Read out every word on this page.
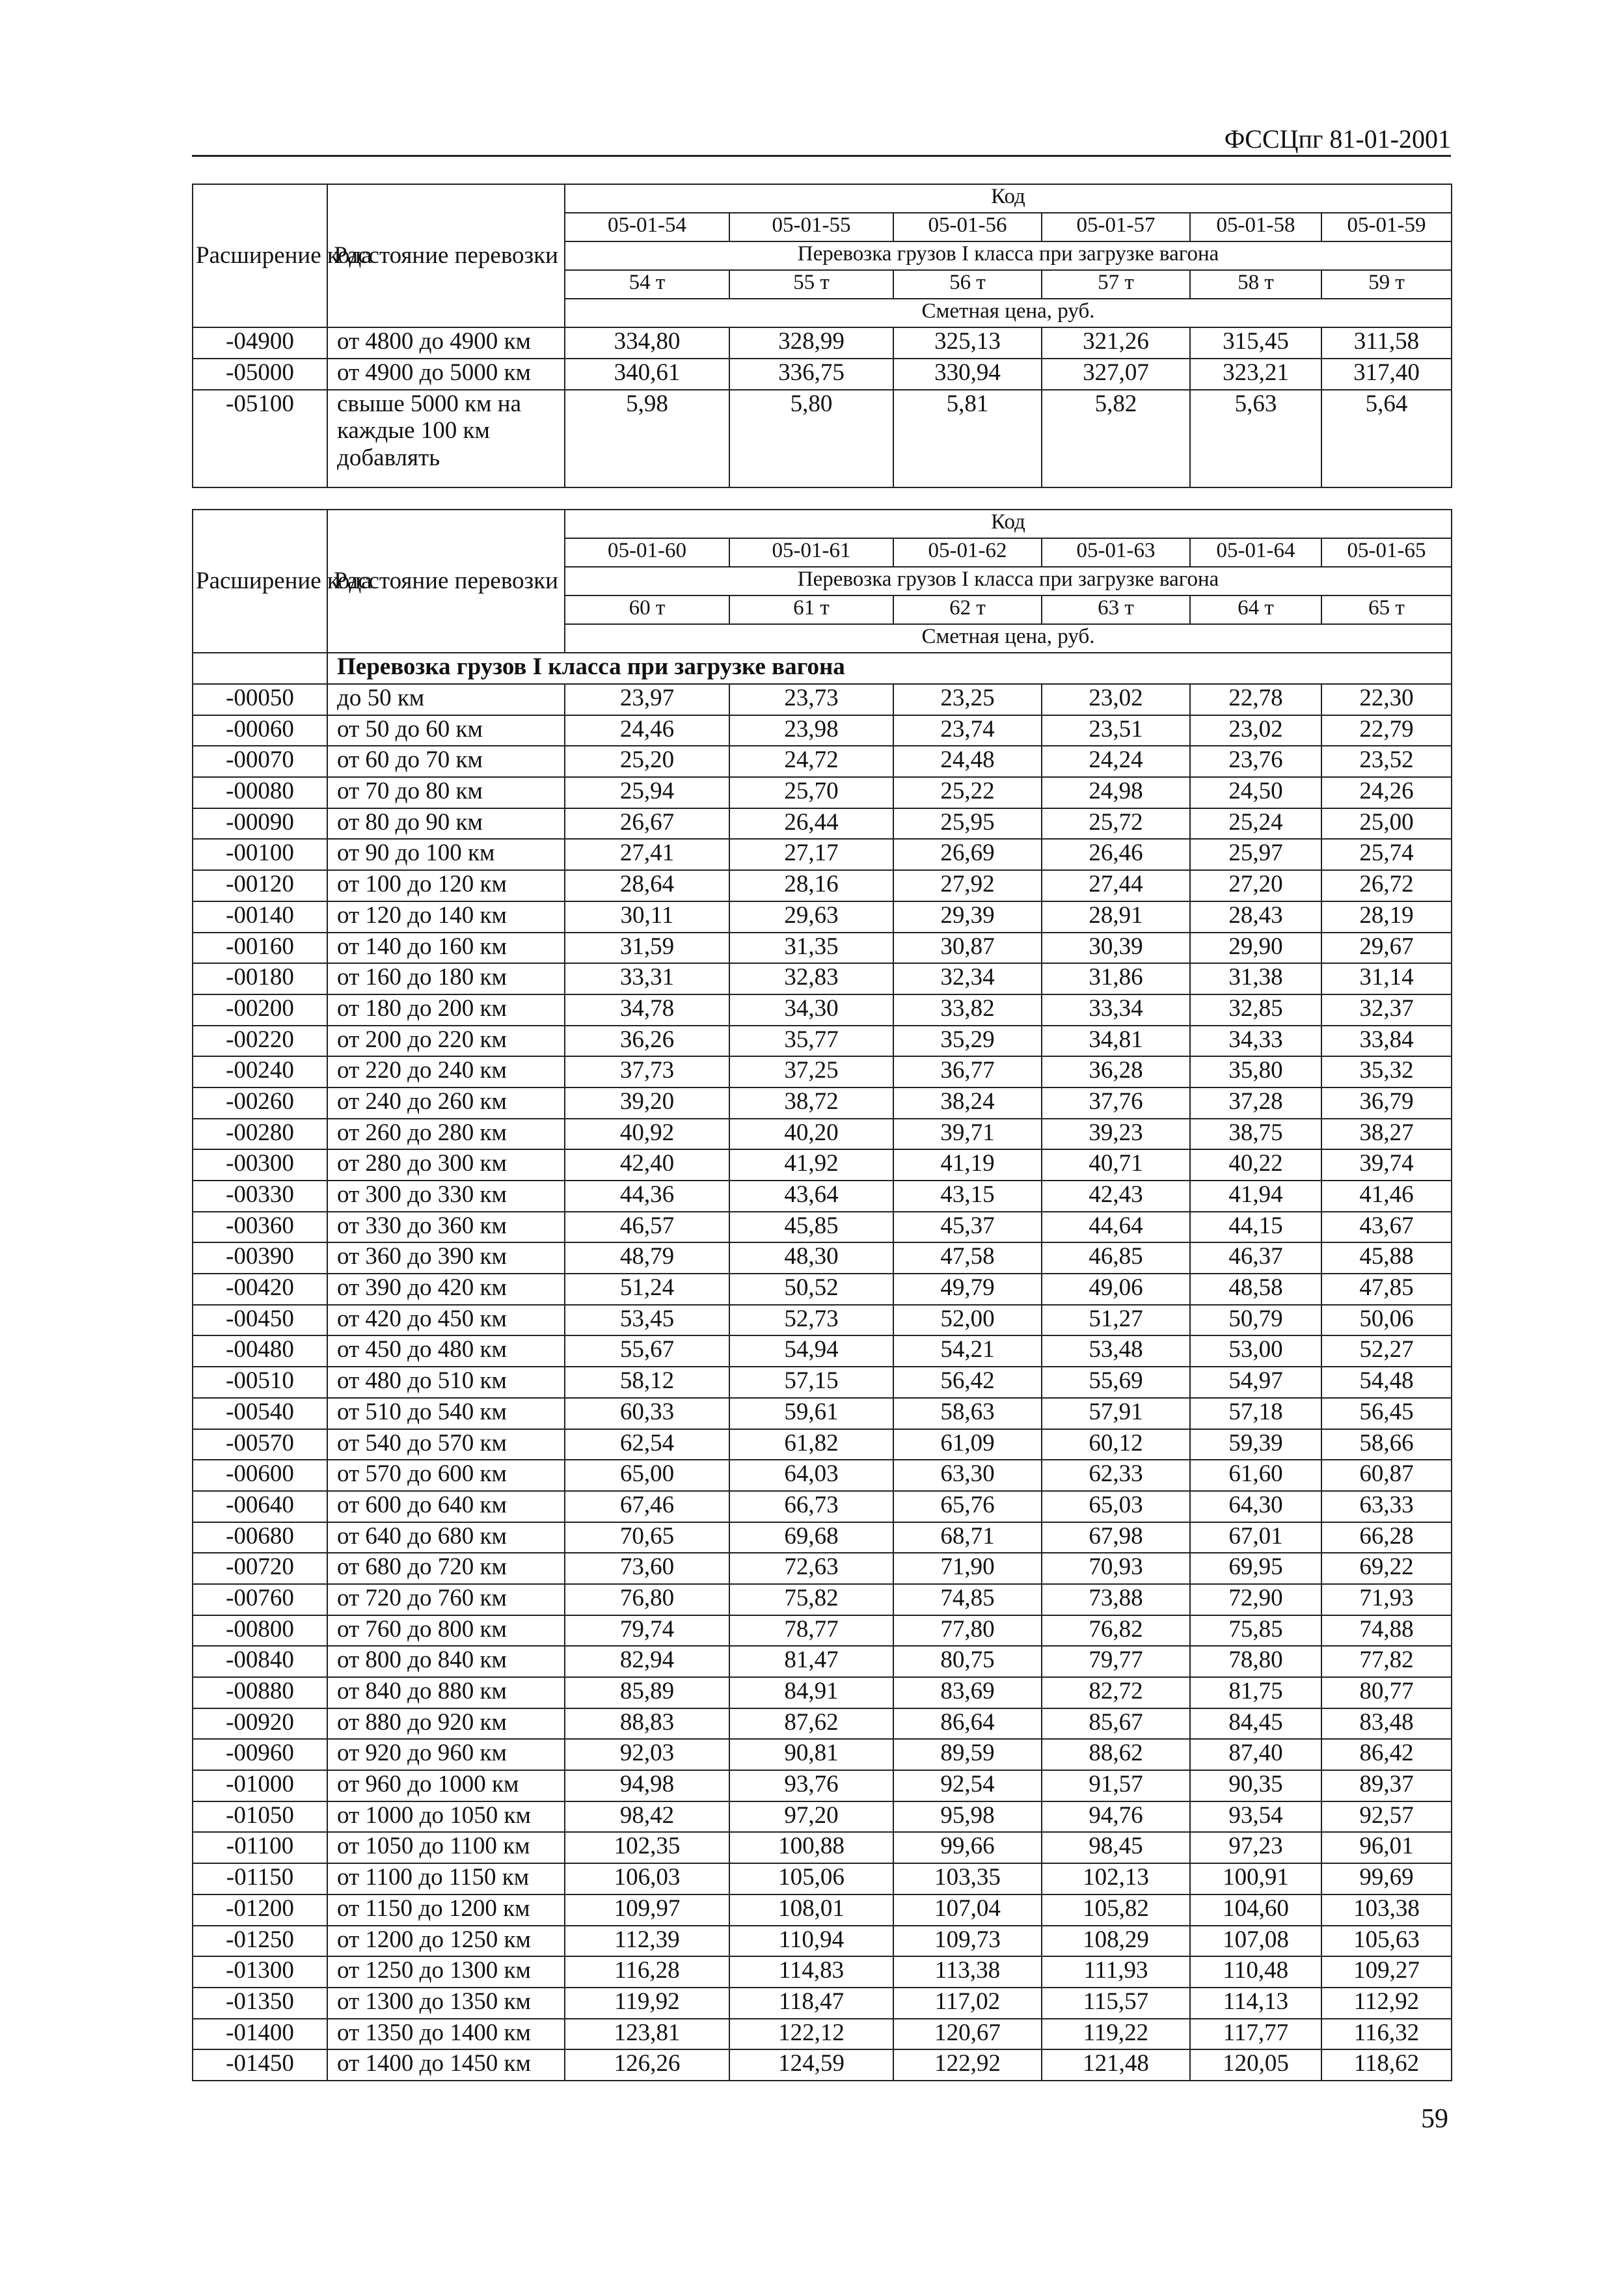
ФССЦпг 81-01-2001
Расширение кода	Расстояние перевозки	Код					
		05-01-54	05-01-55	05-01-56	05-01-57	05-01-58	05-01-59
		Перевозка грузов I класса при загрузке вагона					
		54 т	55 т	56 т	57 т	58 т	59 т
		Сметная цена, руб.					
-04900	от 4800 до 4900 км	334,80	328,99	325,13	321,26	315,45	311,58
-05000	от 4900 до 5000 км	340,61	336,75	330,94	327,07	323,21	317,40
-05100	свыше 5000 км на каждые 100 км добавлять	5,98	5,80	5,81	5,82	5,63	5,64
Расширение кода	Расстояние перевозки	Код					
		05-01-60	05-01-61	05-01-62	05-01-63	05-01-64	05-01-65
		Перевозка грузов I класса при загрузке вагона					
		60 т	61 т	62 т	63 т	64 т	65 т
		Сметная цена, руб.					
	Перевозка грузов I класса при загрузке вагона						
-00050	до 50 км	23,97	23,73	23,25	23,02	22,78	22,30
-00060	от 50 до 60 км	24,46	23,98	23,74	23,51	23,02	22,79
-00070	от 60 до 70 км	25,20	24,72	24,48	24,24	23,76	23,52
-00080	от 70 до 80 км	25,94	25,70	25,22	24,98	24,50	24,26
-00090	от 80 до 90 км	26,67	26,44	25,95	25,72	25,24	25,00
-00100	от 90 до 100 км	27,41	27,17	26,69	26,46	25,97	25,74
-00120	от 100 до 120 км	28,64	28,16	27,92	27,44	27,20	26,72
-00140	от 120 до 140 км	30,11	29,63	29,39	28,91	28,43	28,19
-00160	от 140 до 160 км	31,59	31,35	30,87	30,39	29,90	29,67
-00180	от 160 до 180 км	33,31	32,83	32,34	31,86	31,38	31,14
-00200	от 180 до 200 км	34,78	34,30	33,82	33,34	32,85	32,37
-00220	от 200 до 220 км	36,26	35,77	35,29	34,81	34,33	33,84
-00240	от 220 до 240 км	37,73	37,25	36,77	36,28	35,80	35,32
-00260	от 240 до 260 км	39,20	38,72	38,24	37,76	37,28	36,79
-00280	от 260 до 280 км	40,92	40,20	39,71	39,23	38,75	38,27
-00300	от 280 до 300 км	42,40	41,92	41,19	40,71	40,22	39,74
-00330	от 300 до 330 км	44,36	43,64	43,15	42,43	41,94	41,46
-00360	от 330 до 360 км	46,57	45,85	45,37	44,64	44,15	43,67
-00390	от 360 до 390 км	48,79	48,30	47,58	46,85	46,37	45,88
-00420	от 390 до 420 км	51,24	50,52	49,79	49,06	48,58	47,85
-00450	от 420 до 450 км	53,45	52,73	52,00	51,27	50,79	50,06
-00480	от 450 до 480 км	55,67	54,94	54,21	53,48	53,00	52,27
-00510	от 480 до 510 км	58,12	57,15	56,42	55,69	54,97	54,48
-00540	от 510 до 540 км	60,33	59,61	58,63	57,91	57,18	56,45
-00570	от 540 до 570 км	62,54	61,82	61,09	60,12	59,39	58,66
-00600	от 570 до 600 км	65,00	64,03	63,30	62,33	61,60	60,87
-00640	от 600 до 640 км	67,46	66,73	65,76	65,03	64,30	63,33
-00680	от 640 до 680 км	70,65	69,68	68,71	67,98	67,01	66,28
-00720	от 680 до 720 км	73,60	72,63	71,90	70,93	69,95	69,22
-00760	от 720 до 760 км	76,80	75,82	74,85	73,88	72,90	71,93
-00800	от 760 до 800 км	79,74	78,77	77,80	76,82	75,85	74,88
-00840	от 800 до 840 км	82,94	81,47	80,75	79,77	78,80	77,82
-00880	от 840 до 880 км	85,89	84,91	83,69	82,72	81,75	80,77
-00920	от 880 до 920 км	88,83	87,62	86,64	85,67	84,45	83,48
-00960	от 920 до 960 км	92,03	90,81	89,59	88,62	87,40	86,42
-01000	от 960 до 1000 км	94,98	93,76	92,54	91,57	90,35	89,37
-01050	от 1000 до 1050 км	98,42	97,20	95,98	94,76	93,54	92,57
-01100	от 1050 до 1100 км	102,35	100,88	99,66	98,45	97,23	96,01
-01150	от 1100 до 1150 км	106,03	105,06	103,35	102,13	100,91	99,69
-01200	от 1150 до 1200 км	109,97	108,01	107,04	105,82	104,60	103,38
-01250	от 1200 до 1250 км	112,39	110,94	109,73	108,29	107,08	105,63
-01300	от 1250 до 1300 км	116,28	114,83	113,38	111,93	110,48	109,27
-01350	от 1300 до 1350 км	119,92	118,47	117,02	115,57	114,13	112,92
-01400	от 1350 до 1400 км	123,81	122,12	120,67	119,22	117,77	116,32
-01450	от 1400 до 1450 км	126,26	124,59	122,92	121,48	120,05	118,62
59
